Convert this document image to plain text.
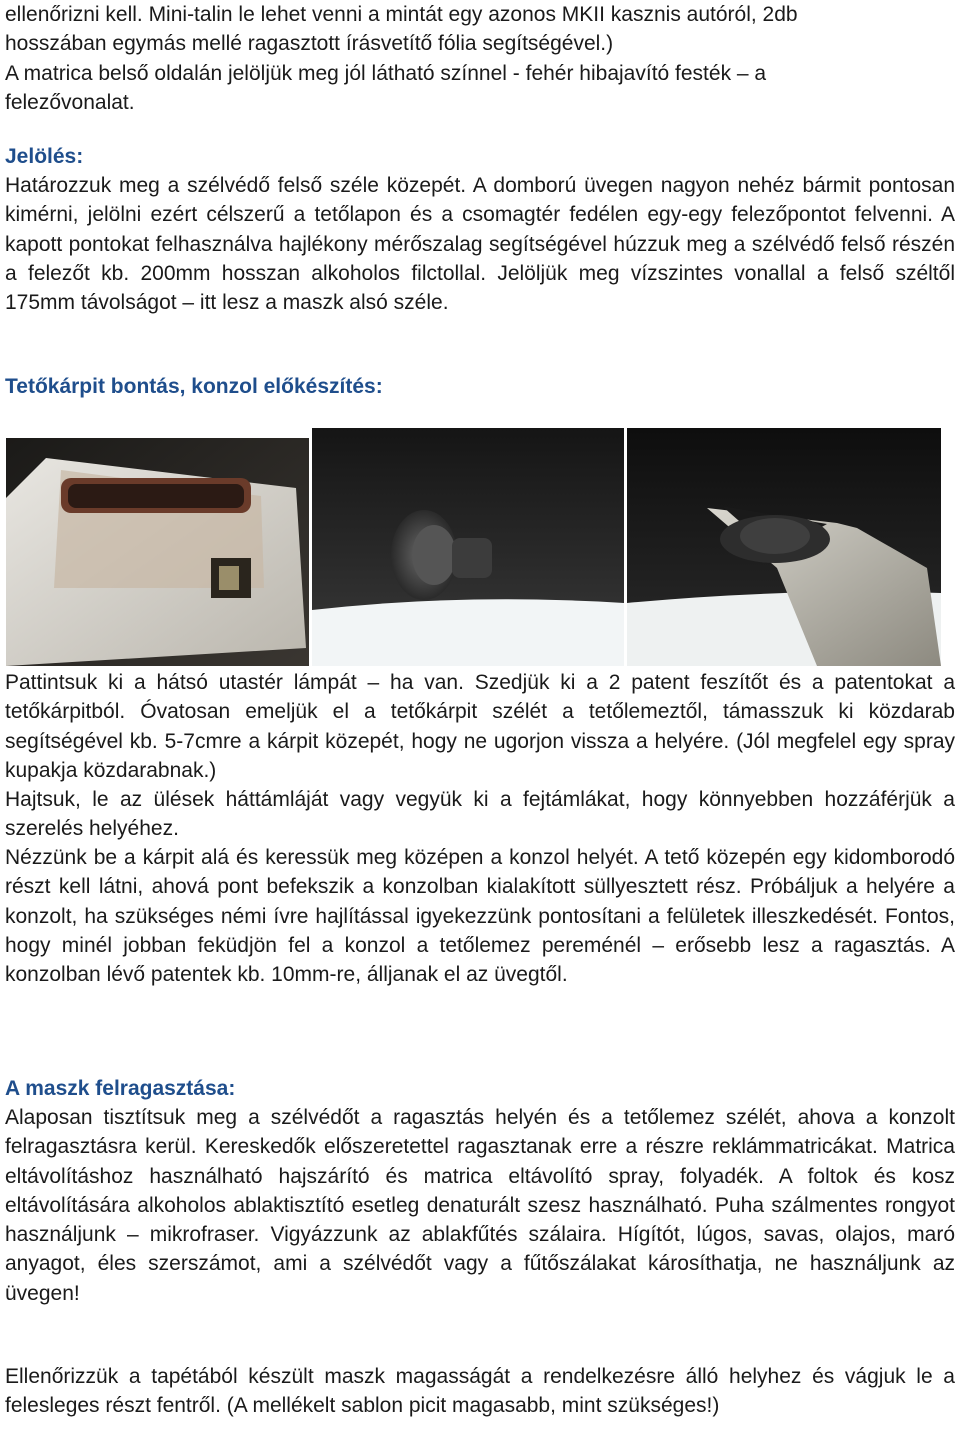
ellenőrizni kell. Mini-talin le lehet venni a mintát egy azonos MKII kasznis autóról, 2db
hosszában egymás mellé ragasztott írásvetítő fólia segítségével.)
A matrica belső oldalán jelöljük meg jól látható színnel - fehér hibajavító festék – a
felezővonalat.

Jelölés:

Határozzuk meg a szélvédő felső széle közepét. A domború üvegen nagyon nehéz bármit pontosan kimérni, jelölni ezért célszerű a tetőlapon és a csomagtér fedélen egy-egy felezőpontot felvenni. A kapott pontokat felhasználva hajlékony mérőszalag segítségével húzzuk meg a szélvédő felső részén a felezőt kb. 200mm hosszan alkoholos filctollal. Jelöljük meg vízszintes vonallal a felső széltől 175mm távolságot – itt lesz a maszk alsó széle.

Tetőkárpit bontás, konzol előkészítés:

Pattintsuk ki a hátsó utastér lámpát – ha van. Szedjük ki a 2 patent feszítőt és a patentokat a tetőkárpitból. Óvatosan emeljük el a tetőkárpit szélét a tetőlemeztől, támasszuk ki közdarab segítségével kb. 5-7cmre a kárpit közepét, hogy ne ugorjon vissza a helyére. (Jól megfelel egy spray kupakja közdarabnak.)

Hajtsuk, le az ülések háttámláját vagy vegyük ki a fejtámlákat, hogy könnyebben hozzáférjük a szerelés helyéhez.

Nézzünk be a kárpit alá és keressük meg középen a konzol helyét. A tető közepén egy kidomborodó részt kell látni, ahová pont befekszik a konzolban kialakított süllyesztett rész. Próbáljuk a helyére a konzolt, ha szükséges némi ívre hajlítással igyekezzünk pontosítani a felületek illeszkedését. Fontos, hogy minél jobban feküdjön fel a konzol a tetőlemez pereménél – erősebb lesz a ragasztás. A konzolban lévő patentek kb. 10mm-re, álljanak el az üvegtől.

A maszk felragasztása:

Alaposan tisztítsuk meg a szélvédőt a ragasztás helyén és a tetőlemez szélét, ahova a konzolt felragasztásra kerül. Kereskedők előszeretettel ragasztanak erre a részre reklámmatricákat. Matrica eltávolításhoz használható hajszárító és matrica eltávolító spray, folyadék. A foltok és kosz eltávolítására alkoholos ablaktisztító esetleg denaturált szesz használható. Puha szálmentes rongyot használjunk – mikrofraser. Vigyázzunk az ablakfűtés szálaira. Hígítót, lúgos, savas, olajos, maró anyagot, éles szerszámot, ami a szélvédőt vagy a fűtőszálakat károsíthatja, ne használjunk az üvegen!

Ellenőrizzük a tapétából készült maszk magasságát a rendelkezésre álló helyhez és vágjuk le a felesleges részt fentről. (A mellékelt sablon picit magasabb, mint szükséges!)
